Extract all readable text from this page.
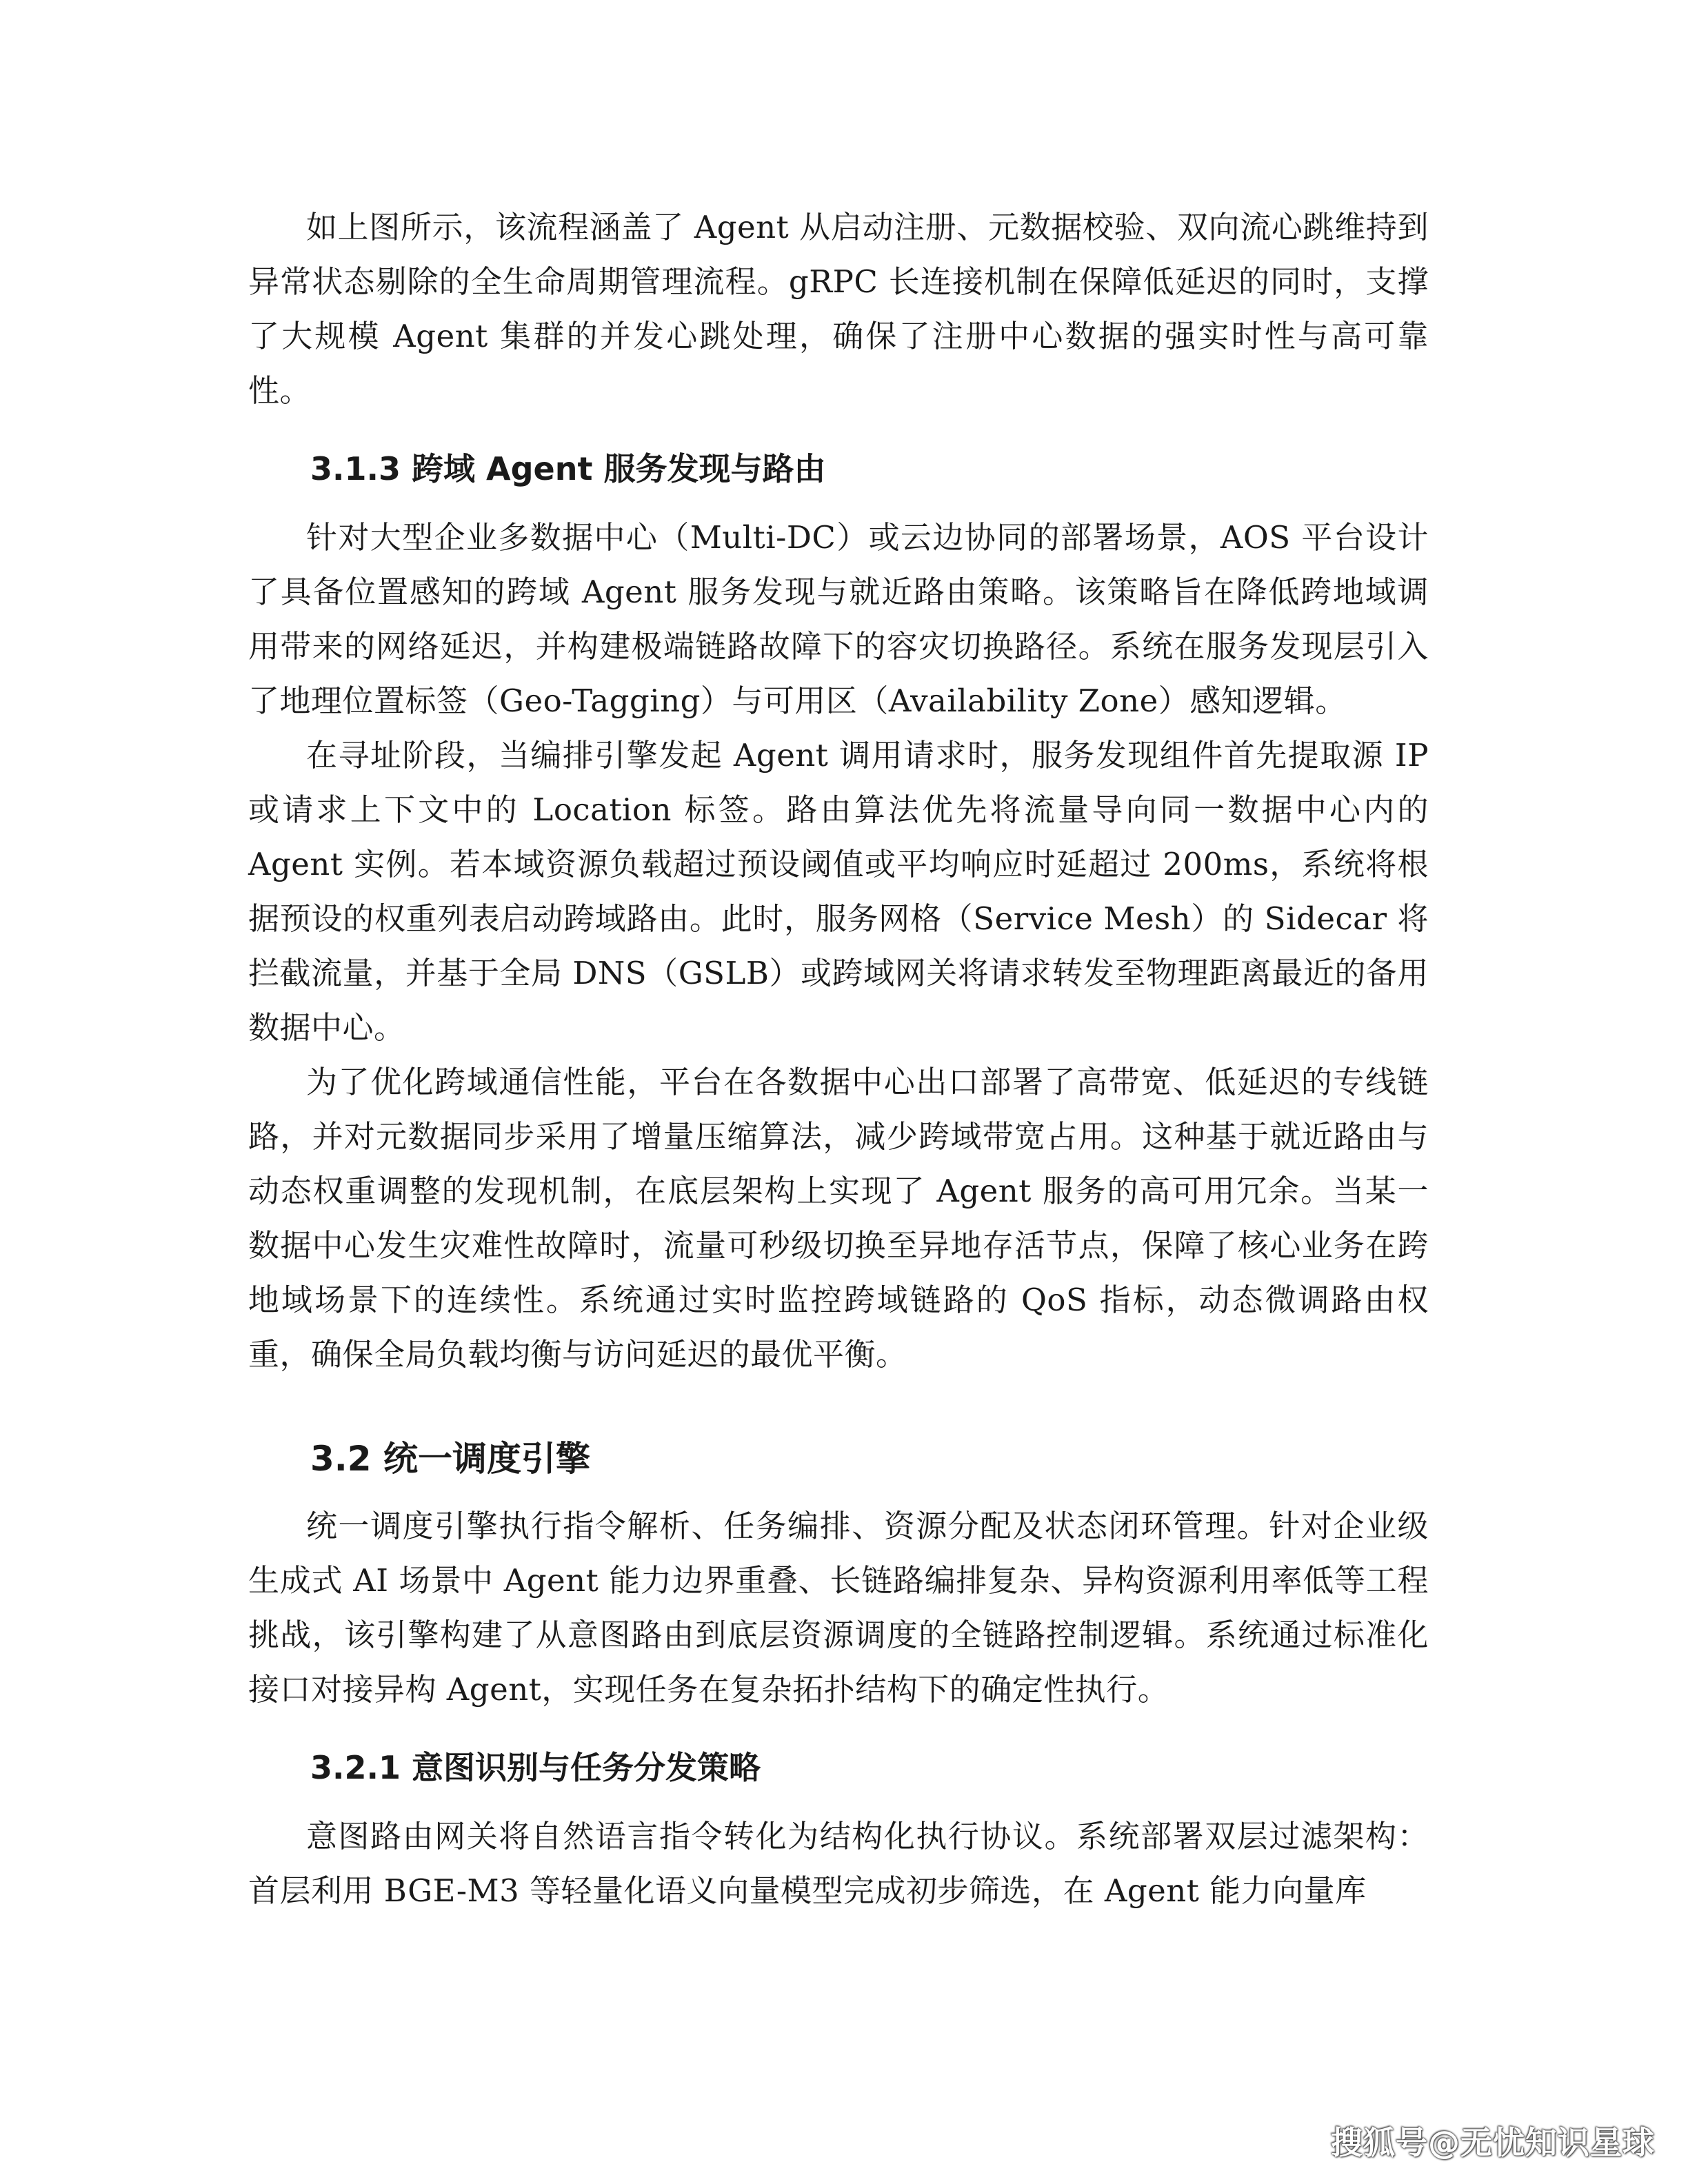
如上图所示，该流程涵盖了 Agent 从启动注册、元数据校验、双向流心跳维持到异常状态剔除的全生命周期管理流程。gRPC 长连接机制在保障低延迟的同时，支撑了大规模 Agent 集群的并发心跳处理，确保了注册中心数据的强实时性与高可靠性。

3.1.3 跨域 Agent 服务发现与路由

针对大型企业多数据中心（Multi-DC）或云边协同的部署场景，AOS 平台设计了具备位置感知的跨域 Agent 服务发现与就近路由策略。该策略旨在降低跨地域调用带来的网络延迟，并构建极端链路故障下的容灾切换路径。系统在服务发现层引入了地理位置标签（Geo-Tagging）与可用区（Availability Zone）感知逻辑。

在寻址阶段，当编排引擎发起 Agent 调用请求时，服务发现组件首先提取源 IP 或请求上下文中的 Location 标签。路由算法优先将流量导向同一数据中心内的 Agent 实例。若本域资源负载超过预设阈值或平均响应时延超过 200ms，系统将根据预设的权重列表启动跨域路由。此时，服务网格（Service Mesh）的 Sidecar 将拦截流量，并基于全局 DNS（GSLB）或跨域网关将请求转发至物理距离最近的备用数据中心。

为了优化跨域通信性能，平台在各数据中心出口部署了高带宽、低延迟的专线链路，并对元数据同步采用了增量压缩算法，减少跨域带宽占用。这种基于就近路由与动态权重调整的发现机制，在底层架构上实现了 Agent 服务的高可用冗余。当某一数据中心发生灾难性故障时，流量可秒级切换至异地存活节点，保障了核心业务在跨地域场景下的连续性。系统通过实时监控跨域链路的 QoS 指标，动态微调路由权重，确保全局负载均衡与访问延迟的最优平衡。

3.2 统一调度引擎

统一调度引擎执行指令解析、任务编排、资源分配及状态闭环管理。针对企业级生成式 AI 场景中 Agent 能力边界重叠、长链路编排复杂、异构资源利用率低等工程挑战，该引擎构建了从意图路由到底层资源调度的全链路控制逻辑。系统通过标准化接口对接异构 Agent，实现任务在复杂拓扑结构下的确定性执行。

3.2.1 意图识别与任务分发策略

意图路由网关将自然语言指令转化为结构化执行协议。系统部署双层过滤架构：首层利用 BGE-M3 等轻量化语义向量模型完成初步筛选，在 Agent 能力向量库

搜狐号@无忧知识星球
